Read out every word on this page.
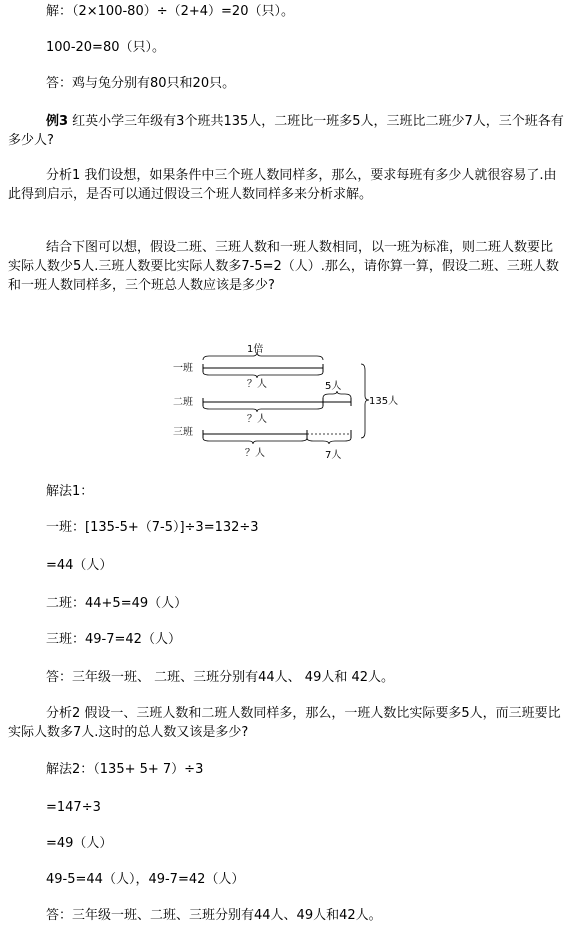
解：（2×100-80）÷（2+4）=20（只）。

100-20=80（只）。

答：鸡与兔分别有80只和20只。

例3 红英小学三年级有3个班共135人，二班比一班多5人，三班比二班少7人，三个班各有多少人?

分析1 我们设想，如果条件中三个班人数同样多，那么，要求每班有多少人就很容易了.由此得到启示，是否可以通过假设三个班人数同样多来分析求解。

结合下图可以想，假设二班、三班人数和一班人数相同，以一班为标准，则二班人数要比实际人数少5人.三班人数要比实际人数多7-5=2（人）.那么，请你算一算，假设二班、三班人数和一班人数同样多，三个班总人数应该是多少?

一班
二班
三班
1倍
？人	5人
？人
？人	7人
135人

解法1：

一班：[135-5+（7-5）]÷3=132÷3

=44（人）

二班：44+5=49（人）

三班：49-7=42（人）

答：三年级一班、 二班、三班分别有44人、 49人和 42人。

分析2 假设一、三班人数和二班人数同样多，那么，一班人数比实际要多5人，而三班要比实际人数多7人.这时的总人数又该是多少?

解法2：（135+ 5+ 7）÷3

=147÷3

=49（人）

49-5=44（人），49-7=42（人）

答：三年级一班、二班、三班分别有44人、49人和42人。
